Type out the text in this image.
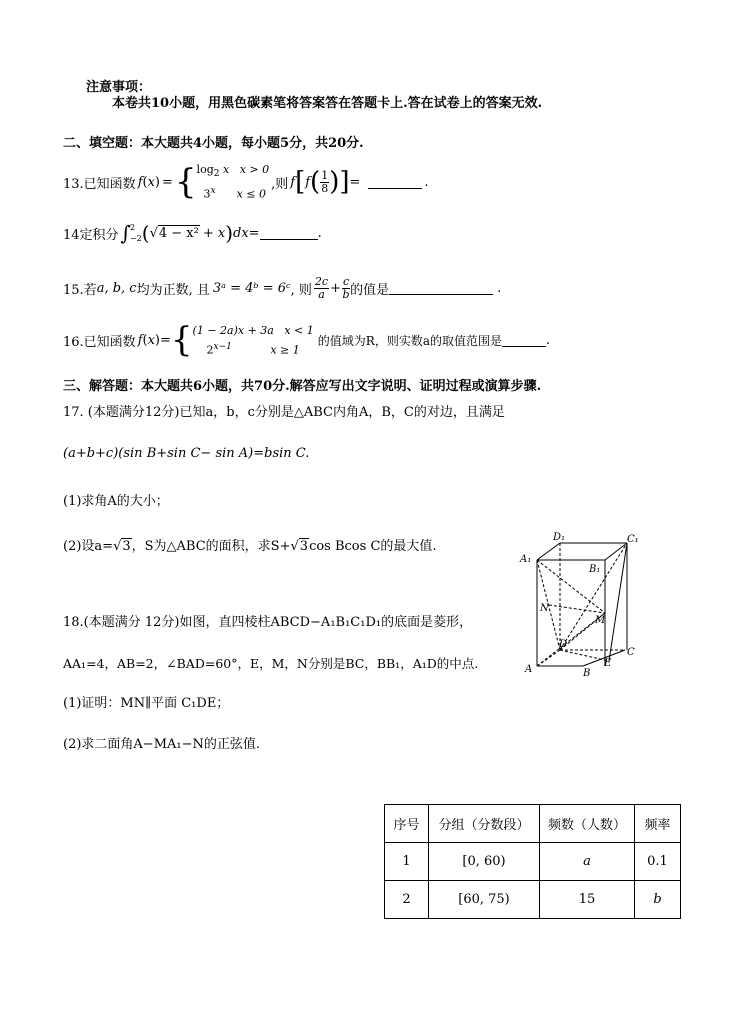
注意事项：
本卷共10小题，用黑色碳素笔将答案答在答题卡上.答在试卷上的答案无效.
二、填空题：本大题共4小题，每小题5分，共20分.
13.已知函数 f ( x ) = { $\log_2 x$ x > 0
3$^x$ x ≤ 0
,则 f [ f ( $\frac{1}{8}$ )] =	.
14定积分 ∫ 2
−2 ( √ 4 − x² + x ) dx=	.
15.若 a, b, c 均为正数, 且 3ᵃ = 4ᵇ = 6ᶜ , 则 $\frac{2c}{a} + \frac{c}{b}$ 的值是	.
16.已知函数 f ( x )= { (1 − 2a)x + 3a x < 1
$2^{x-1}$	x ≥ 1
的值域为R，则实数a的取值范围是	.
三、解答题：本大题共6小题，共70分.解答应写出文字说明、证明过程或演算步骤.
17. (本题满分12分)已知a，b，c分别是△ABC内角A，B，C的对边，且满足
(a+b+c)(sin B+sin C− sin A)=bsin C.
(1)求角A的大小；
(2)设a=√3，S为△ABC的面积，求S+√3cos Bcos C的最大值.
18.(本题满分 12分)如图，直四棱柱ABCD−A₁B₁C₁D₁的底面是菱形，
AA₁=4，AB=2，∠BAD=60°，E，M，N分别是BC，BB₁，A₁D的中点.
(1)证明：MN∥平面 C₁DE；
(2)求二面角A−MA₁−N的正弦值.
D₁	C₁
A₁
B₁
N
M
D
C
A	B
E
序号	分组（分数段）	频数（人数）	频率
1	[0, 60)	a	0.1
2	[60, 75)	15	b
